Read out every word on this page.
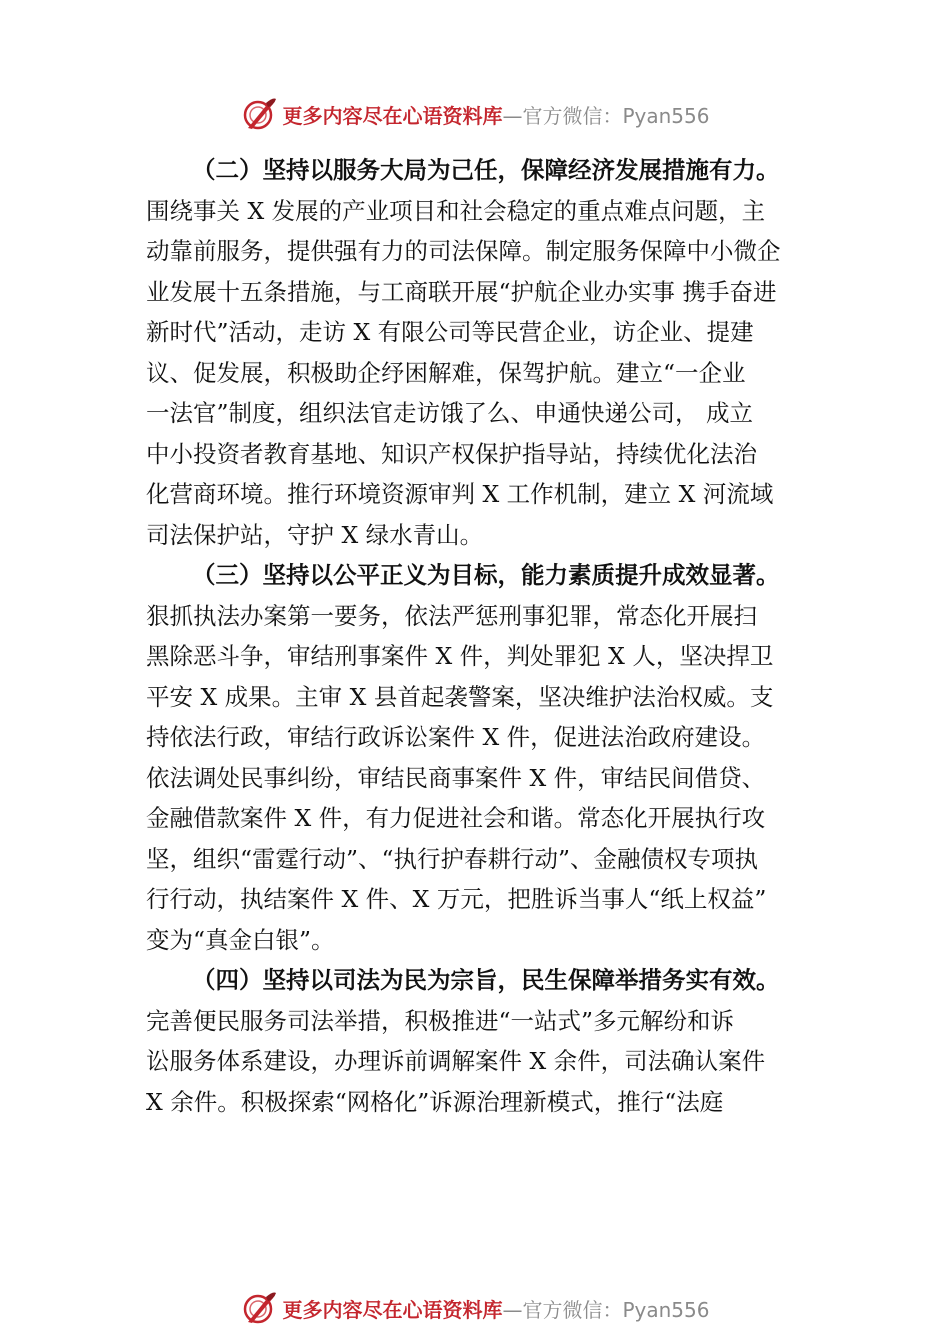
更多内容尽在心语资料库 —官方微信：Pyan556
（二）坚持以服务大局为己任，保障经济发展措施有力。
围绕事关 X 发展的产业项目和社会稳定的重点难点问题，主
动靠前服务，提供强有力的司法保障。制定服务保障中小微企
业发展十五条措施，与工商联开展“护航企业办实事 携手奋进
新时代”活动，走访 X 有限公司等民营企业，访企业、提建
议、促发展，积极助企纾困解难，保驾护航。建立“一企业
一法官”制度，组织法官走访饿了么、申通快递公司， 成立
中小投资者教育基地、知识产权保护指导站，持续优化法治
化营商环境。推行环境资源审判 X 工作机制，建立 X 河流域
司法保护站，守护 X 绿水青山。
（三）坚持以公平正义为目标，能力素质提升成效显著。
狠抓执法办案第一要务，依法严惩刑事犯罪，常态化开展扫
黑除恶斗争，审结刑事案件 X 件，判处罪犯 X 人，坚决捍卫
平安 X 成果。主审 X 县首起袭警案，坚决维护法治权威。支
持依法行政，审结行政诉讼案件 X 件，促进法治政府建设。
依法调处民事纠纷，审结民商事案件 X 件，审结民间借贷、
金融借款案件 X 件，有力促进社会和谐。常态化开展执行攻
坚，组织“雷霆行动”、“执行护春耕行动”、金融债权专项执
行行动，执结案件 X 件、X 万元，把胜诉当事人“纸上权益”
变为“真金白银”。
（四）坚持以司法为民为宗旨，民生保障举措务实有效。
完善便民服务司法举措，积极推进“一站式”多元解纷和诉
讼服务体系建设，办理诉前调解案件 X 余件，司法确认案件
X 余件。积极探索“网格化”诉源治理新模式，推行“法庭
更多内容尽在心语资料库 —官方微信：Pyan556
